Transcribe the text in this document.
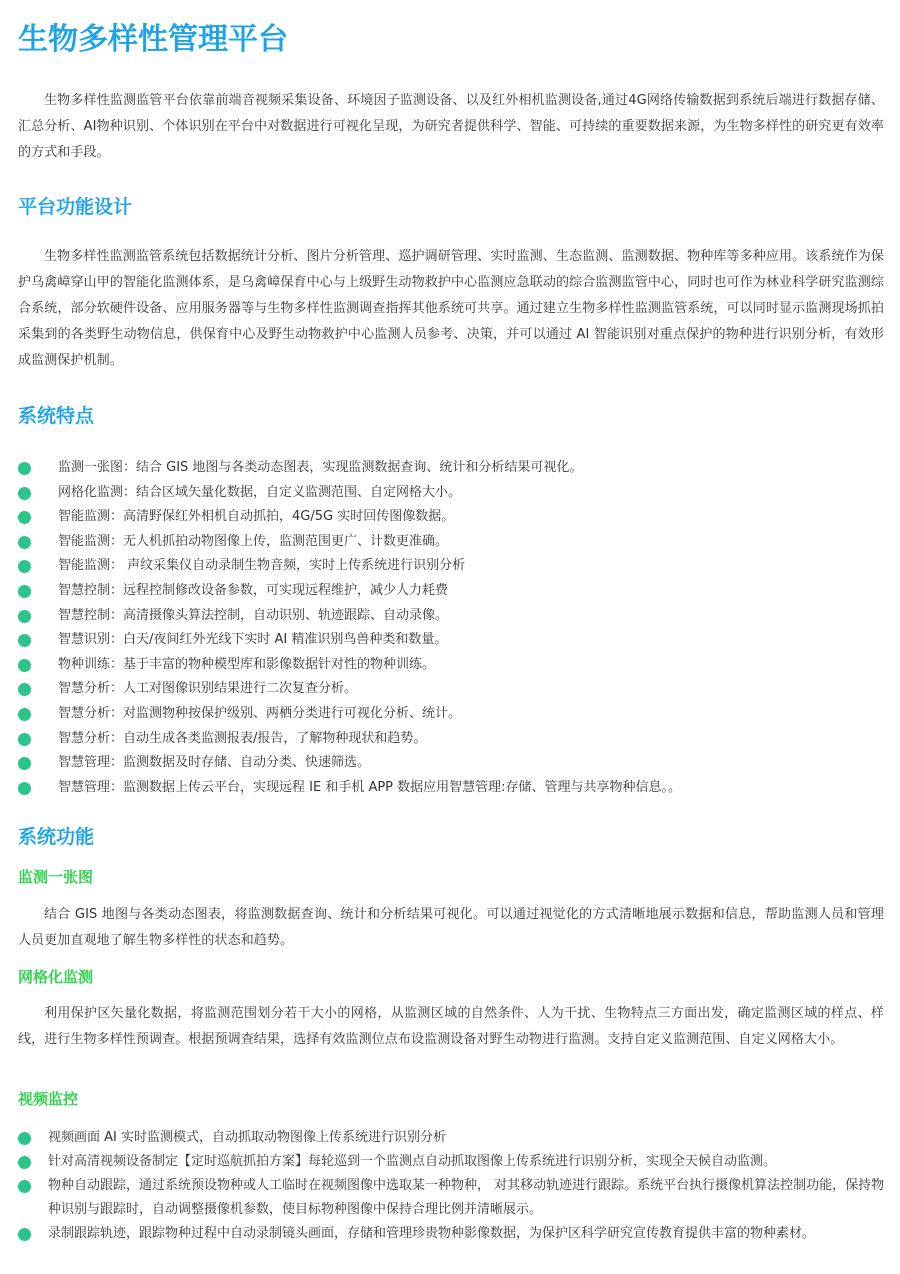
生物多样性管理平台

生物多样性监测监管平台依靠前端音视频采集设备、环境因子监测设备、以及红外相机监测设备,通过4G网络传输数据到系统后端进行数据存储、汇总分析、AI物种识别、个体识别在平台中对数据进行可视化呈现，为研究者提供科学、智能、可持续的重要数据来源，为生物多样性的研究更有效率的方式和手段。

平台功能设计

生物多样性监测监管系统包括数据统计分析、图片分析管理、巡护调研管理、实时监测、生态监测、监测数据、物种库等多种应用。该系统作为保护乌禽嶂穿山甲的智能化监测体系，是乌禽嶂保育中心与上级野生动物救护中心监测应急联动的综合监测监管中心，同时也可作为林业科学研究监测综合系统，部分软硬件设备、应用服务器等与生物多样性监测调查指挥其他系统可共享。通过建立生物多样性监测监管系统，可以同时显示监测现场抓拍采集到的各类野生动物信息，供保育中心及野生动物救护中心监测人员参考、决策，并可以通过 AI 智能识别对重点保护的物种进行识别分析，有效形成监测保护机制。

系统特点
监测一张图：结合 GIS 地图与各类动态图表，实现监测数据查询、统计和分析结果可视化。
网格化监测：结合区域矢量化数据，自定义监测范围、自定网格大小。
智能监测：高清野保红外相机自动抓拍，4G/5G 实时回传图像数据。
智能监测：无人机抓拍动物图像上传，监测范围更广、计数更准确。
智能监测： 声纹采集仪自动录制生物音频，实时上传系统进行识别分析
智慧控制：远程控制修改设备参数，可实现远程维护，减少人力耗费
智慧控制：高清摄像头算法控制，自动识别、轨迹跟踪、自动录像。
智慧识别：白天/夜间红外光线下实时 AI 精准识别鸟兽种类和数量。
物种训练：基于丰富的物种模型库和影像数据针对性的物种训练。
智慧分析：人工对图像识别结果进行二次复查分析。
智慧分析：对监测物种按保护级别、两栖分类进行可视化分析、统计。
智慧分析：自动生成各类监测报表/报告，了解物种现状和趋势。
智慧管理：监测数据及时存储、自动分类、快速筛选。
智慧管理：监测数据上传云平台，实现远程 IE 和手机 APP 数据应用智慧管理:存储、管理与共享物种信息。。
系统功能
监测一张图

结合 GIS 地图与各类动态图表，将监测数据查询、统计和分析结果可视化。可以通过视觉化的方式清晰地展示数据和信息，帮助监测人员和管理人员更加直观地了解生物多样性的状态和趋势。

网格化监测

利用保护区矢量化数据，将监测范围划分若干大小的网格，从监测区域的自然条件、人为干扰、生物特点三方面出发，确定监测区域的样点、样线，进行生物多样性预调查。根据预调查结果，选择有效监测位点布设监测设备对野生动物进行监测。支持自定义监测范围、自定义网格大小。

视频监控
视频画面 AI 实时监测模式，自动抓取动物图像上传系统进行识别分析
针对高清视频设备制定【定时巡航抓拍方案】每轮巡到一个监测点自动抓取图像上传系统进行识别分析，实现全天候自动监测。
物种自动跟踪，通过系统预设物种或人工临时在视频图像中选取某一种物种， 对其移动轨迹进行跟踪。系统平台执行摄像机算法控制功能，保持物种识别与跟踪时，自动调整摄像机参数，使目标物种图像中保持合理比例并清晰展示。
录制跟踪轨迹，跟踪物种过程中自动录制镜头画面，存储和管理珍贵物种影像数据，为保护区科学研究宣传教育提供丰富的物种素材。
